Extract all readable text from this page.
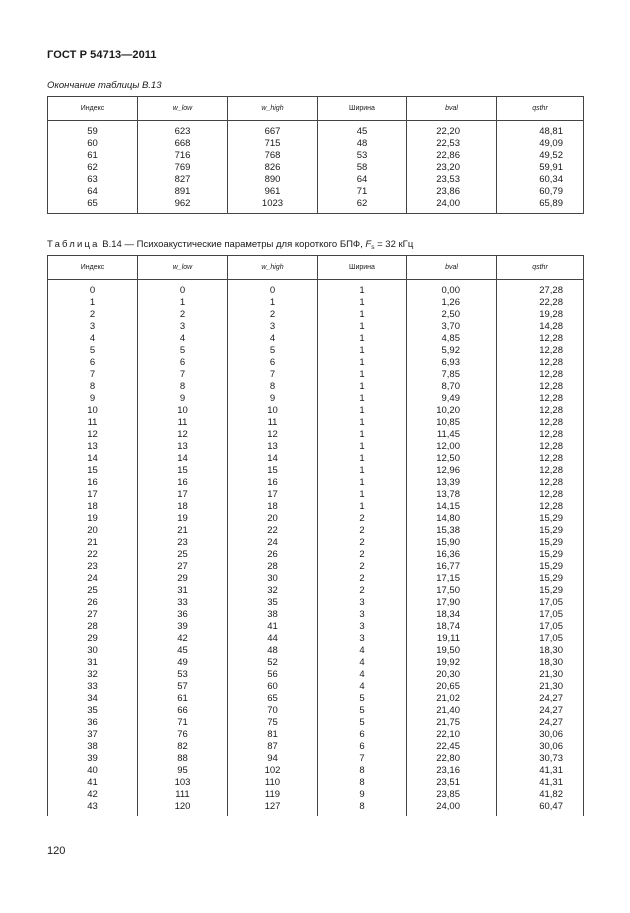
ГОСТ Р 54713—2011
Окончание таблицы В.13
Индекс	w_low	w_high	Ширина	bval	qsthr
59	623	667	45	22,20	48,81
60	668	715	48	22,53	49,09
61	716	768	53	22,86	49,52
62	769	826	58	23,20	59,91
63	827	890	64	23,53	60,34
64	891	961	71	23,86	60,79
65	962	1023	62	24,00	65,89
Таблица В.14 — Психоакустические параметры для короткого БПФ, $F_s = 32$ кГц
Индекс	w_low	w_high	Ширина	bval	qsthr
0	0	0	1	0,00	27,28
1	1	1	1	1,26	22,28
2	2	2	1	2,50	19,28
3	3	3	1	3,70	14,28
4	4	4	1	4,85	12,28
5	5	5	1	5,92	12,28
6	6	6	1	6,93	12,28
7	7	7	1	7,85	12,28
8	8	8	1	8,70	12,28
9	9	9	1	9,49	12,28
10	10	10	1	10,20	12,28
11	11	11	1	10,85	12,28
12	12	12	1	11,45	12,28
13	13	13	1	12,00	12,28
14	14	14	1	12,50	12,28
15	15	15	1	12,96	12,28
16	16	16	1	13,39	12,28
17	17	17	1	13,78	12,28
18	18	18	1	14,15	12,28
19	19	20	2	14,80	15,29
20	21	22	2	15,38	15,29
21	23	24	2	15,90	15,29
22	25	26	2	16,36	15,29
23	27	28	2	16,77	15,29
24	29	30	2	17,15	15,29
25	31	32	2	17,50	15,29
26	33	35	3	17,90	17,05
27	36	38	3	18,34	17,05
28	39	41	3	18,74	17,05
29	42	44	3	19,11	17,05
30	45	48	4	19,50	18,30
31	49	52	4	19,92	18,30
32	53	56	4	20,30	21,30
33	57	60	4	20,65	21,30
34	61	65	5	21,02	24,27
35	66	70	5	21,40	24,27
36	71	75	5	21,75	24,27
37	76	81	6	22,10	30,06
38	82	87	6	22,45	30,06
39	88	94	7	22,80	30,73
40	95	102	8	23,16	41,31
41	103	110	8	23,51	41,31
42	111	119	9	23,85	41,82
43	120	127	8	24,00	60,47
120
